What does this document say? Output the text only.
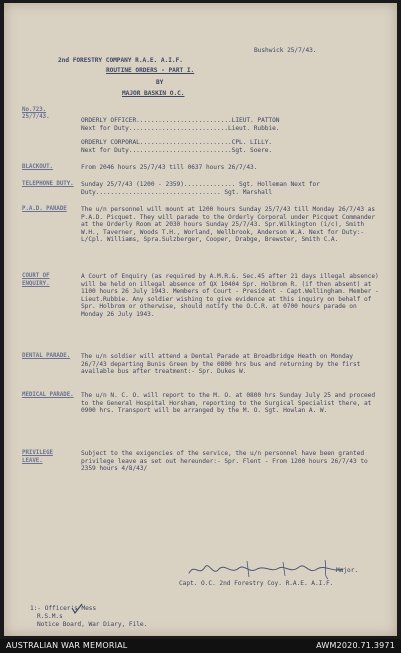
Bushwick 25/7/43.
2nd FORESTRY COMPANY R.A.E. A.I.F.
ROUTINE ORDERS - PART I.
BY
MAJOR BASKIN O.C.
No.723.
25/7/43.	ORDERLY OFFICER..........................LIEUT. PATTON
Next for Duty...........................Lieut. Rubbie.
ORDERLY CORPORAL.........................CPL. LILLY.
Next for Duty............................Sgt. Soere.
BLACKOUT.	From 2046 hours 25/7/43 till 0637 hours 26/7/43.
TELEPHONE DUTY. Sunday 25/7/43 (1200 - 2359).............. Sgt. Holleman Next for Duty.................................. Sgt. Marshall
P.A.D. PARADE	The u/n personnel will mount at 1200 hours Sunday 25/7/43 till Monday 26/7/43 as P.A.D. Picquet. They will parade to the Orderly Corporal under Picquet Commander at the Orderly Room at 2030 hours Sunday 25/7/43. Spr.Wilkington (i/c), Smith W.H., Taverner, Woods T.H., Worland, Wellbrook, Anderson W.A. Next for Duty:- L/Cpl. Williams, Spra.Sulzberger, Cooper, Drabge, Brewster, Smith C.A.
COURT OF ENQUIRY.
A Court of Enquiry (as required by A.M.R.&. Sec.45 after 21 days illegal absence) will be held on illegal absence of QX 10404 Spr. Holbrom R. (if then absent) at 1100 hours 26 July 1943. Members of Court - President - Capt.Wellingham. Member - Lieut.Rubbie. Any soldier wishing to give evidence at this inquiry on behalf of Spr. Holbrom or otherwise, should notify the O.C.R. at 0700 hours parade on Monday 26 July 1943.
DENTAL PARADE.	The u/n soldier will attend a Dental Parade at Broadbridge Heath on Monday 26/7/43 departing Bunis Green by the 0800 hrs bus and returning by the first available bus after treatment:- Spr. Dukes W.
MEDICAL PARADE. The u/n N. C. O. will report to the M. O. at 0800 hrs Sunday July 25 and proceed to the General Hospital Horsham, reporting to the Surgical Specialist there, at 0900 hrs. Transport will be arranged by the M. O. Sgt. Howlan A. W.
PRIVILEGE LEAVE.
Subject to the exigencies of the service, the u/n personnel have been granted privilege leave as set out hereunder:- Spr. Flent - From 1200 hours 26/7/43 to 2359 hours 4/8/43/
Major.
Capt. O.C. 2nd Forestry Coy. R.A.E. A.I.F.
1:- Officer's Mess
R.S.M.s
Notice Board, War Diary, File.
AUSTRALIAN WAR MEMORIAL	AWM2020.71.3971
